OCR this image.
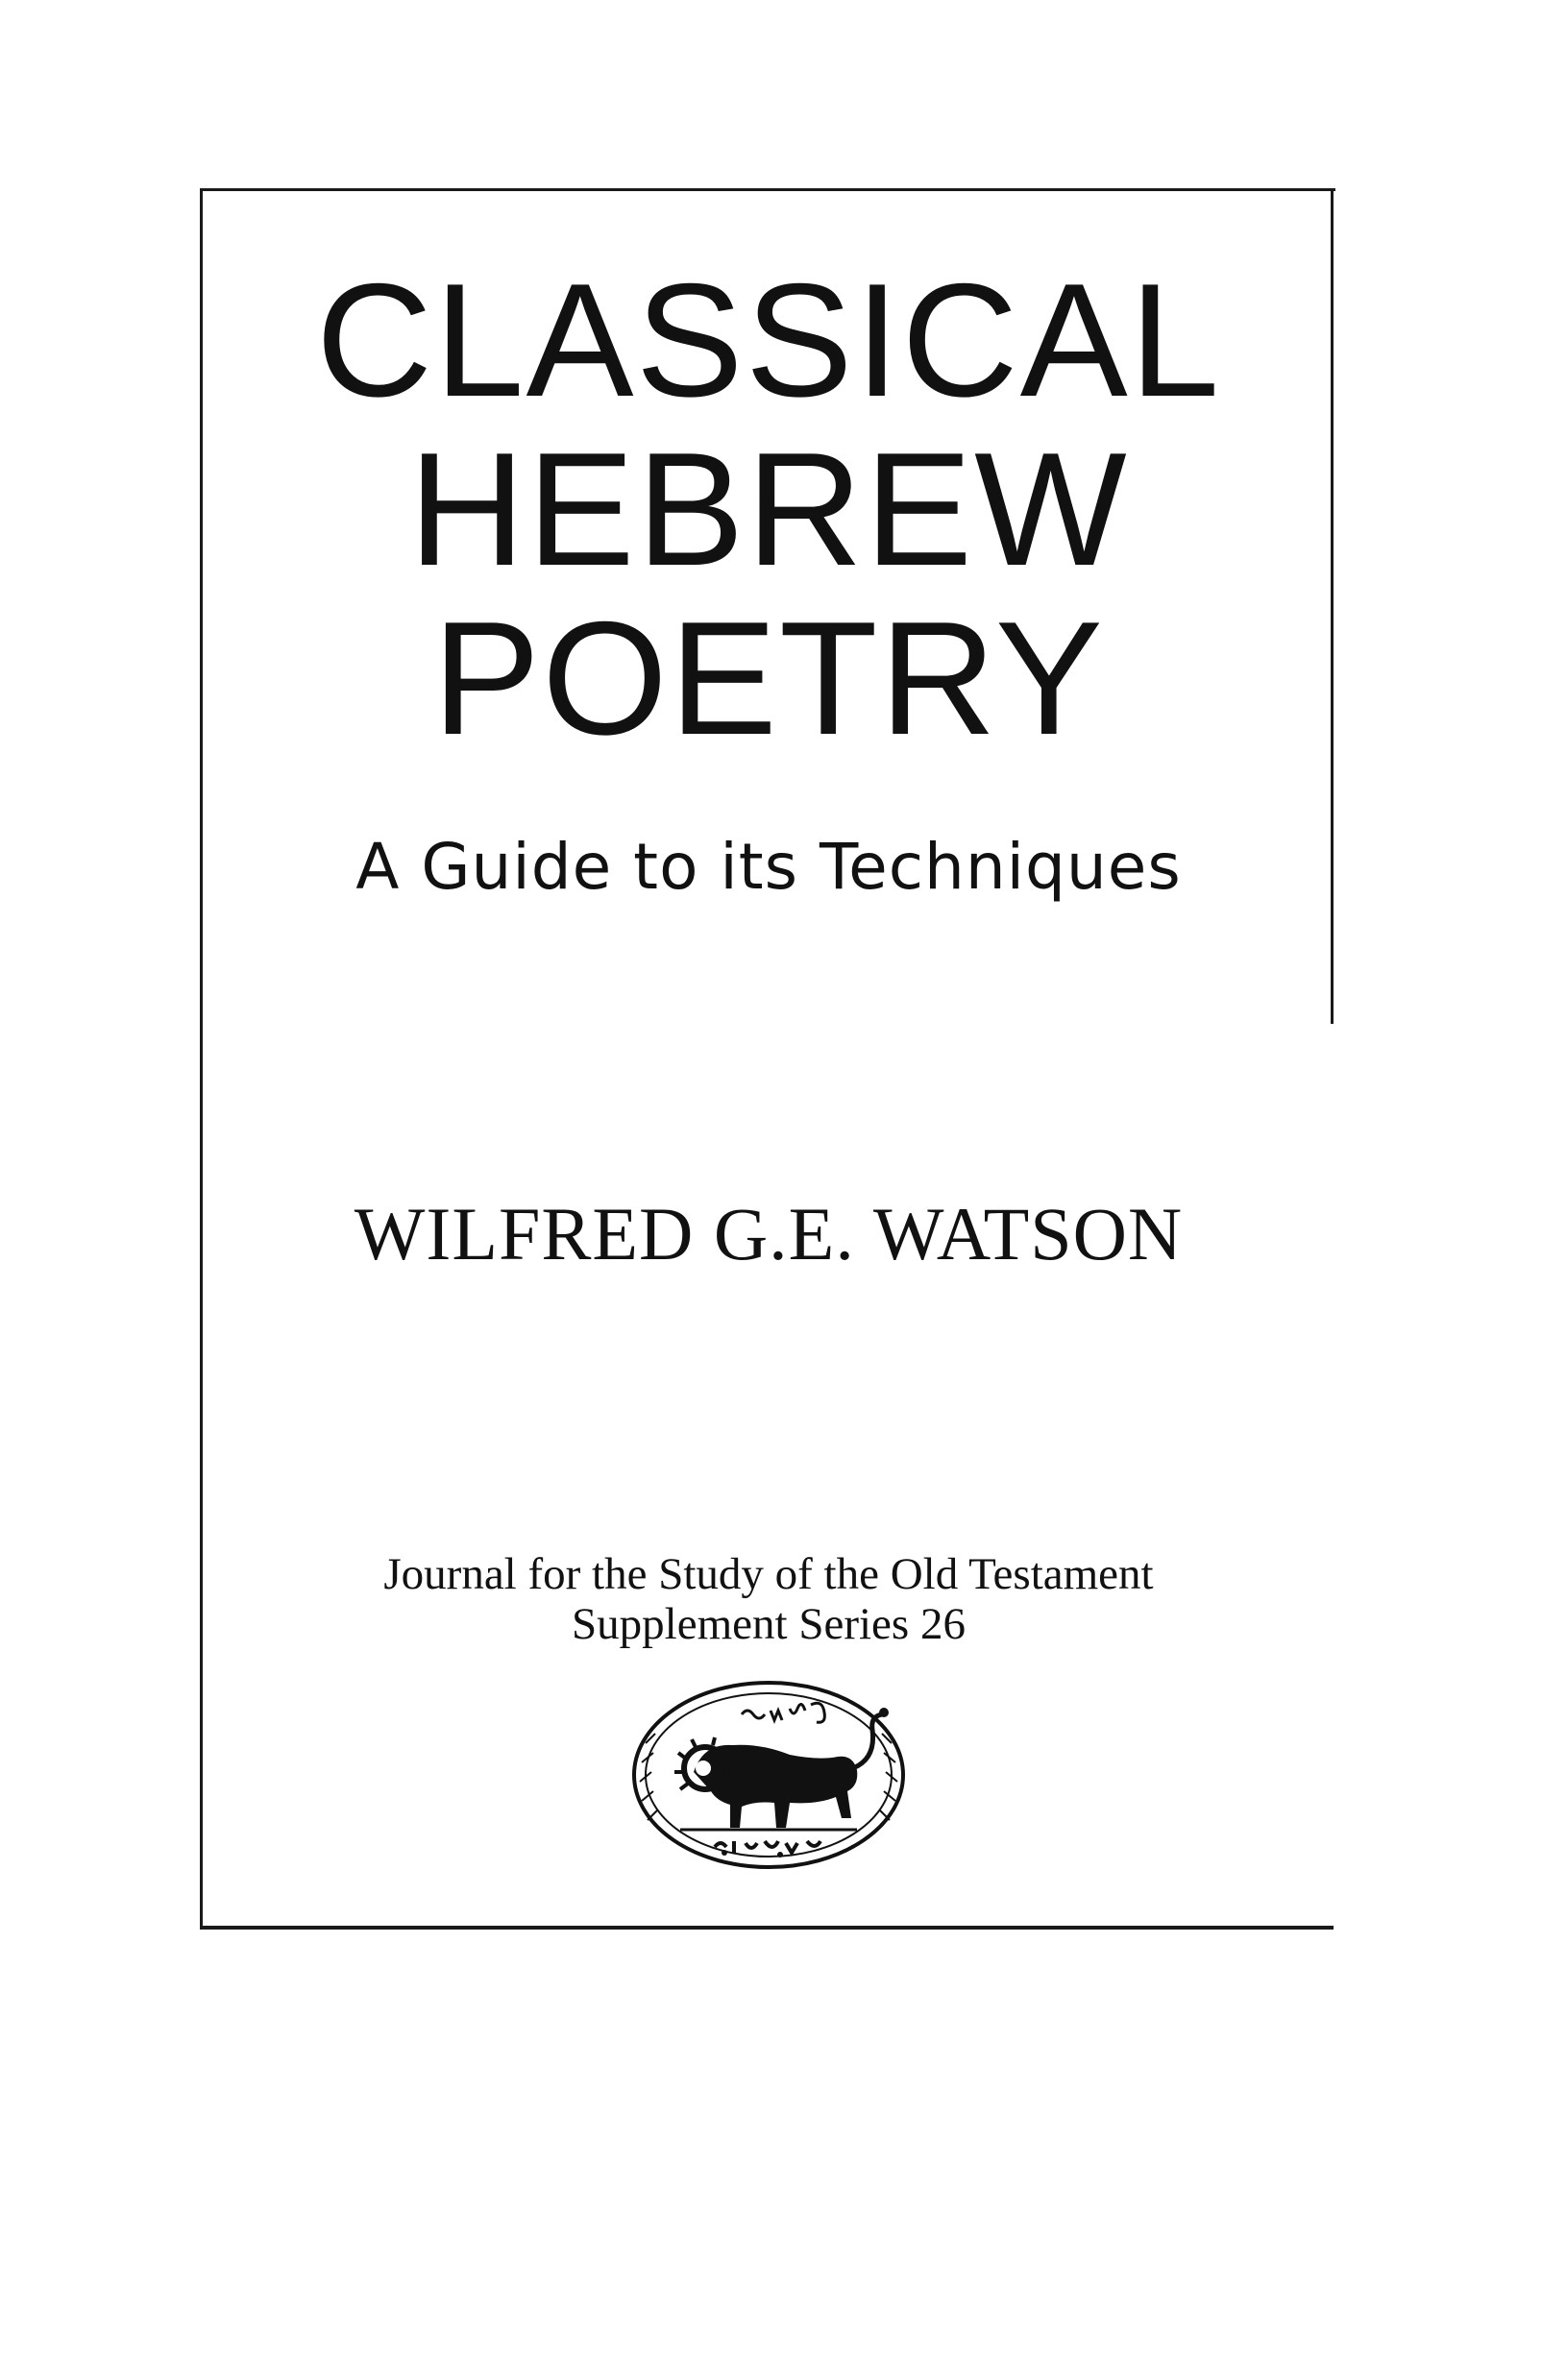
CLASSICAL
HEBREW
POETRY
A Guide to its Techniques
WILFRED G.E. WATSON
Journal for the Study of the Old Testament
Supplement Series 26
